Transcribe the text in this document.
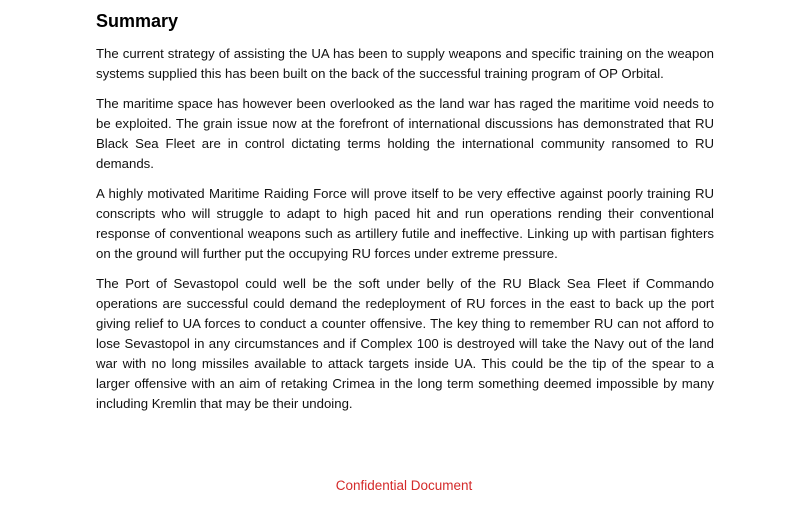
Summary

The current strategy of assisting the UA has been to supply weapons and specific training on the weapon systems supplied this has been built on the back of the successful training program of OP Orbital.

The maritime space has however been overlooked as the land war has raged the maritime void needs to be exploited. The grain issue now at the forefront of international discussions has demonstrated that RU Black Sea Fleet are in control dictating terms holding the international community ransomed to RU demands.

A highly motivated Maritime Raiding Force will prove itself to be very effective against poorly training RU conscripts who will struggle to adapt to high paced hit and run operations rending their conventional response of conventional weapons such as artillery futile and ineffective. Linking up with partisan fighters on the ground will further put the occupying RU forces under extreme pressure.

The Port of Sevastopol could well be the soft under belly of the RU Black Sea Fleet if Commando operations are successful could demand the redeployment of RU forces in the east to back up the port giving relief to UA forces to conduct a counter offensive. The key thing to remember RU can not afford to lose Sevastopol in any circumstances and if Complex 100 is destroyed will take the Navy out of the land war with no long missiles available to attack targets inside UA. This could be the tip of the spear to a larger offensive with an aim of retaking Crimea in the long term something deemed impossible by many including Kremlin that may be their undoing.

Confidential Document
